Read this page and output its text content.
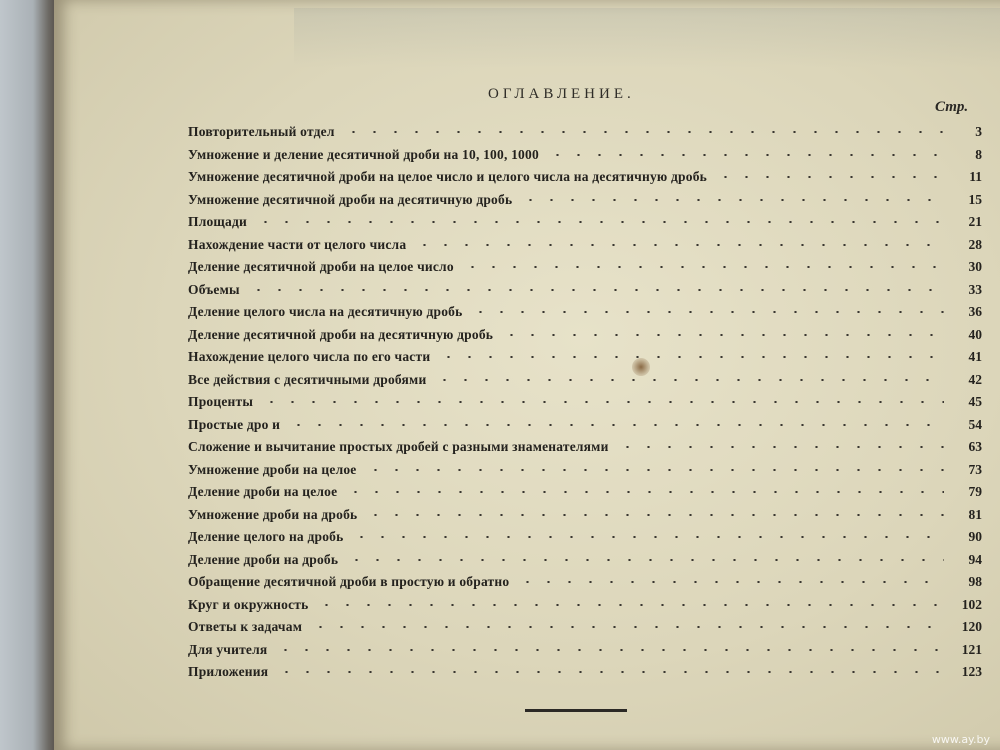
ОГЛАВЛЕНИЕ.
Стр.
Повторительный отдел	3
Умножение и деление десятичной дроби на 10, 100, 1000	8
Умножение десятичной дроби на целое число и целого числа на десятичную дробь	11
Умножение десятичной дроби на десятичную дробь	15
Площади	21
Нахождение части от целого числа	28
Деление десятичной дроби на целое число	30
Объемы	33
Деление целого числа на десятичную дробь	36
Деление десятичной дроби на десятичную дробь	40
Нахождение целого числа по его части	41
Все действия с десятичными дробями	42
Проценты	45
Простые дро и	54
Сложение и вычитание простых дробей с разными знаменателями	63
Умножение дроби на целое	73
Деление дроби на целое	79
Умножение дроби на дробь	81
Деление целого на дробь	90
Деление дроби на дробь	94
Обращение десятичной дроби в простую и обратно	98
Круг и окружность	102
Ответы к задачам	120
Для учителя	121
Приложения	123
www.ay.by
